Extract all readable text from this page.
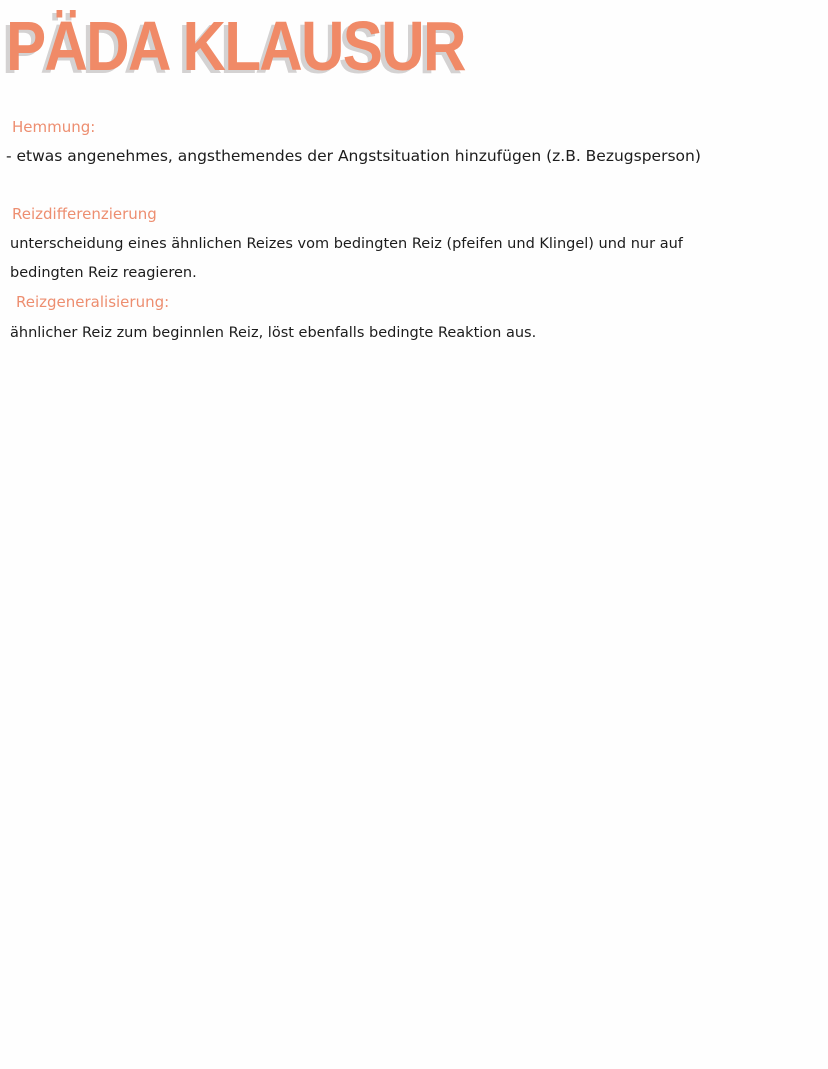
PÄDA KLAUSUR
Hemmung:
- etwas angenehmes, angsthemendes der Angstsituation hinzufügen (z.B. Bezugsperson)
Reizdifferenzierung
unterscheidung eines ähnlichen Reizes vom bedingten Reiz (pfeifen und Klingel) und nur auf
bedingten Reiz reagieren.
Reizgeneralisierung:
ähnlicher Reiz zum beginnlen Reiz, löst ebenfalls bedingte Reaktion aus.
